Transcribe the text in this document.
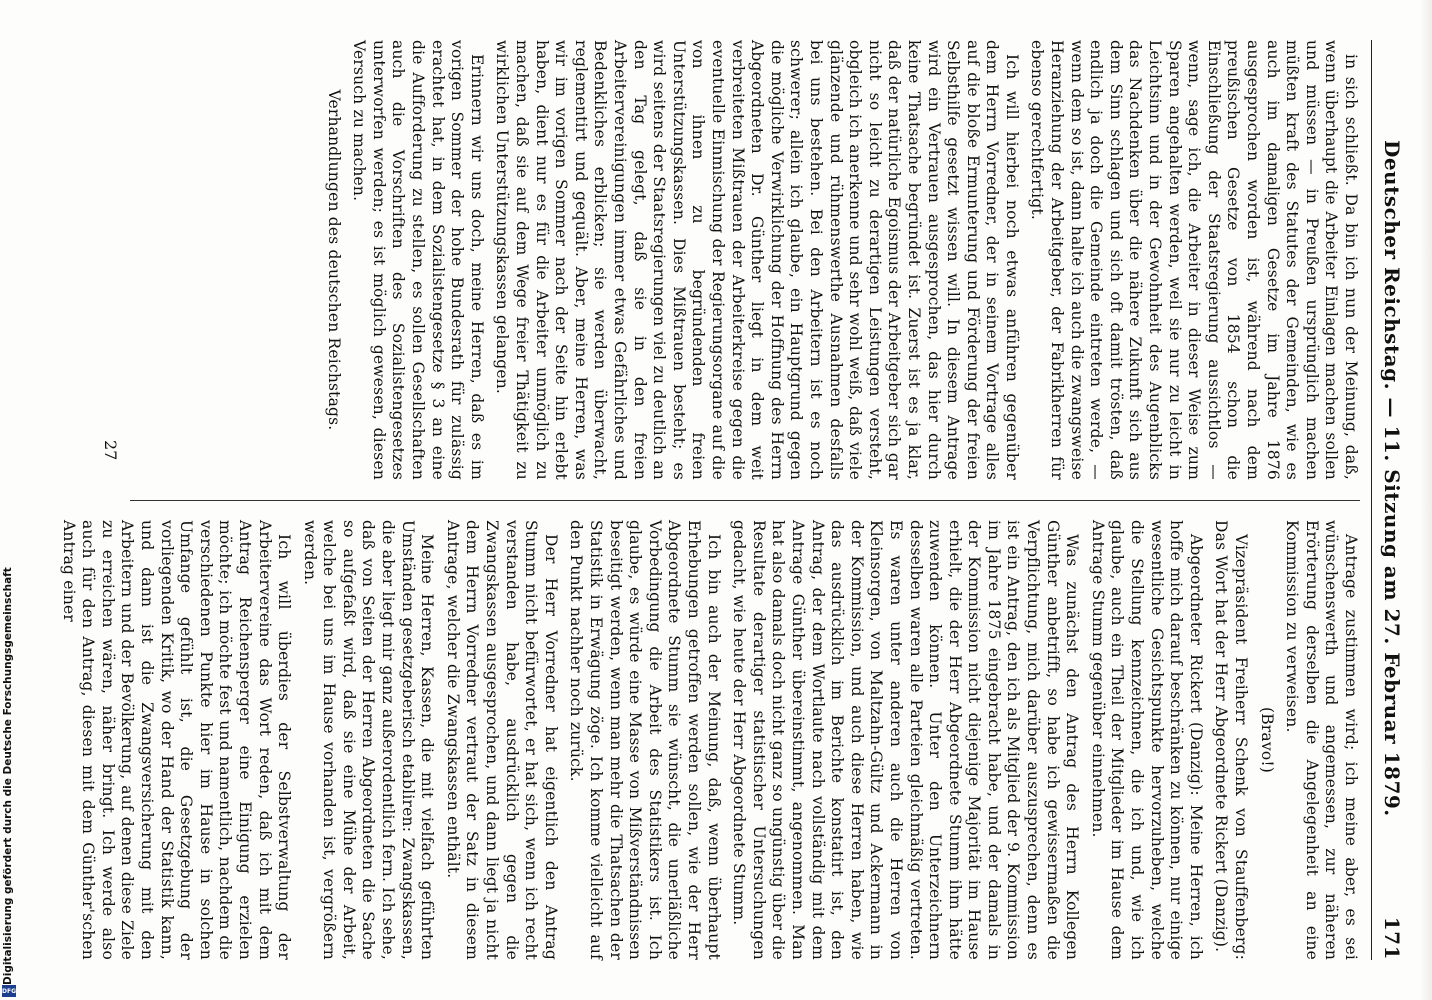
Deutscher Reichstag. — 11. Sitzung am 27. Februar 1879.
171

in sich schließt. Da bin ich nun der Meinung, daß, wenn überhaupt die Arbeiter Einlagen machen sollen und müssen — in Preußen ursprünglich machen müßten kraft des Statutes der Gemeinden, wie es auch im damaligen Gesetze im Jahre 1876 ausgesprochen worden ist, während nach dem preußischen Gesetze von 1854 schon die Einschließung der Staatsregierung aussichtlos — wenn, sage ich, die Arbeiter in dieser Weise zum Sparen angehalten werden, weil sie nur zu leicht in Leichtsinn und in der Gewohnheit des Augenblicks das Nachdenken über die nähere Zukunft sich aus dem Sinn schlagen und sich oft damit trösten, daß endlich ja doch die Gemeinde eintreten werde, — wenn dem so ist, dann halte ich auch die zwangsweise Heranziehung der Arbeitgeber, der Fabrikherren für ebenso gerechtfertigt.

Ich will hierbei noch etwas anführen gegenüber dem Herrn Vorredner, der in seinem Vortrage alles auf die bloße Ermunterung und Förderung der freien Selbsthilfe gesetzt wissen will. In diesem Antrage wird ein Vertrauen ausgesprochen, das hier durch keine Thatsache begründet ist. Zuerst ist es ja klar, daß der natürliche Egoismus der Arbeitgeber sich gar nicht so leicht zu derartigen Leistungen versteht, obgleich ich anerkenne und sehr wohl weiß, daß viele glänzende und rühmenswerthe Ausnahmen desfalls bei uns bestehen. Bei den Arbeitern ist es noch schwerer; allein ich glaube, ein Hauptgrund gegen die mögliche Verwirklichung der Hoffnung des Herrn Abgeordneten Dr. Günther liegt in dem weit verbreiteten Mißtrauen der Arbeiterkreise gegen die eventuelle Einmischung der Regierungsorgane auf die von ihnen zu begründenden freien Unterstützungskassen. Dies Mißtrauen besteht; es wird seitens der Staatsregierungen viel zu deutlich an den Tag gelegt, daß sie in den freien Arbeitervereinigungen immer etwas Gefährliches und Bedenkliches erblicken; sie werden überwacht, reglementirt und gequält. Aber, meine Herren, was wir im vorigen Sommer nach der Seite hin erlebt haben, dient nur es für die Arbeiter unmöglich zu machen, daß sie auf dem Wege freier Thätigkeit zu wirklichen Unterstützungskassen gelangen.

Erinnern wir uns doch, meine Herren, daß es im vorigen Sommer der hohe Bundesrath für zulässig erachtet hat, in dem Sozialistengesetze § 3 an eine die Aufforderung zu stellen, es sollen Gesellschaften auch die Vorschriften des Sozialistengesetzes unterworfen werden; es ist möglich gewesen, diesen Versuch zu machen.

Verhandlungen des deutschen Reichstags.

Antrage zustimmen wird; ich meine aber, es sei wünschenswerth und angemessen, zur näheren Erörterung derselben die Angelegenheit an eine Kommission zu verweisen.

(Bravo!)

Vizepräsident Freiherr Schenk von Stauffenberg: Das Wort hat der Herr Abgeordnete Rickert (Danzig).

Abgeordneter Rickert (Danzig): Meine Herren, ich hoffe mich darauf beschränken zu können, nur einige wesentliche Gesichtspunkte hervorzuheben, welche die Stellung kennzeichnen, die ich und, wie ich glaube, auch ein Theil der Mitglieder im Hause dem Antrage Stumm gegenüber einnehmen.

Was zunächst den Antrag des Herrn Kollegen Günther anbetrifft, so habe ich gewissermaßen die Verpflichtung, mich darüber auszusprechen, denn es ist ein Antrag, den ich als Mitglied der 9. Kommission im Jahre 1875 eingebracht habe, und der damals in der Kommission nicht diejenige Majorität im Hause erhielt, die der Herr Abgeordnete Stumm ihm hätte zuwenden können. Unter den Unterzeichnern desselben waren alle Parteien gleichmäßig vertreten. Es waren unter anderen auch die Herren von Kleinsorgen, von Maltzahn-Gültz und Ackermann in der Kommission, und auch diese Herren haben, wie das ausdrücklich im Berichte konstatirt ist, den Antrag, der dem Wortlaute nach vollständig mit dem Antrage Günther übereinstimmt, angenommen. Man hat also damals doch nicht ganz so ungünstig über die Resultate derartiger statistischer Untersuchungen gedacht, wie heute der Herr Abgeordnete Stumm.

Ich bin auch der Meinung, daß, wenn überhaupt Erhebungen getroffen werden sollen, wie der Herr Abgeordnete Stumm sie wünscht, die unerläßliche Vorbedingung die Arbeit des Statistikers ist. Ich glaube, es würde eine Masse von Mißverständnissen beseitigt werden, wenn man mehr die Thatsachen der Statistik in Erwägung zöge. Ich komme vielleicht auf den Punkt nachher noch zurück.

Der Herr Vorredner hat eigentlich den Antrag Stumm nicht befürwortet, er hat sich, wenn ich recht verstanden habe, ausdrücklich gegen die Zwangskassen ausgesprochen, und dann liegt ja nicht dem Herrn Vorredner vertraut der Satz in diesem Antrage, welcher die Zwangskassen enthält.

Meine Herren, Kassen, die mit vielfach geführten Umständen gesetzgeberisch etabliren: Zwangskassen, die aber liegt mir ganz außerordentlich fern. Ich sehe, daß von Seiten der Herren Abgeordneten die Sache so aufgefaßt wird, daß sie eine Mühe der Arbeit, welche bei uns im Hause vorhanden ist, vergrößern werden.

Ich will überdies der Selbstverwaltung der Arbeitervereine das Wort reden, daß ich mit dem Antrag Reichensperger eine Einigung erzielen möchte; ich möchte fest und namentlich, nachdem die verschiedenen Punkte hier im Hause in solchen Umfange gefühlt ist, die Gesetzgebung der vorliegenden Kritik, wo der Hand der Statistik kann, und dann ist die Zwangsversicherung mit den Arbeitern und der Bevölkerung, auf denen diese Ziele zu erreichen wären, näher bringt. Ich werde also auch für den Antrag, diesen mit dem Günther'schen Antrag einer

27
Digitalisierung gefördert durch die Deutsche Forschungsgemeinschaft
DFG
